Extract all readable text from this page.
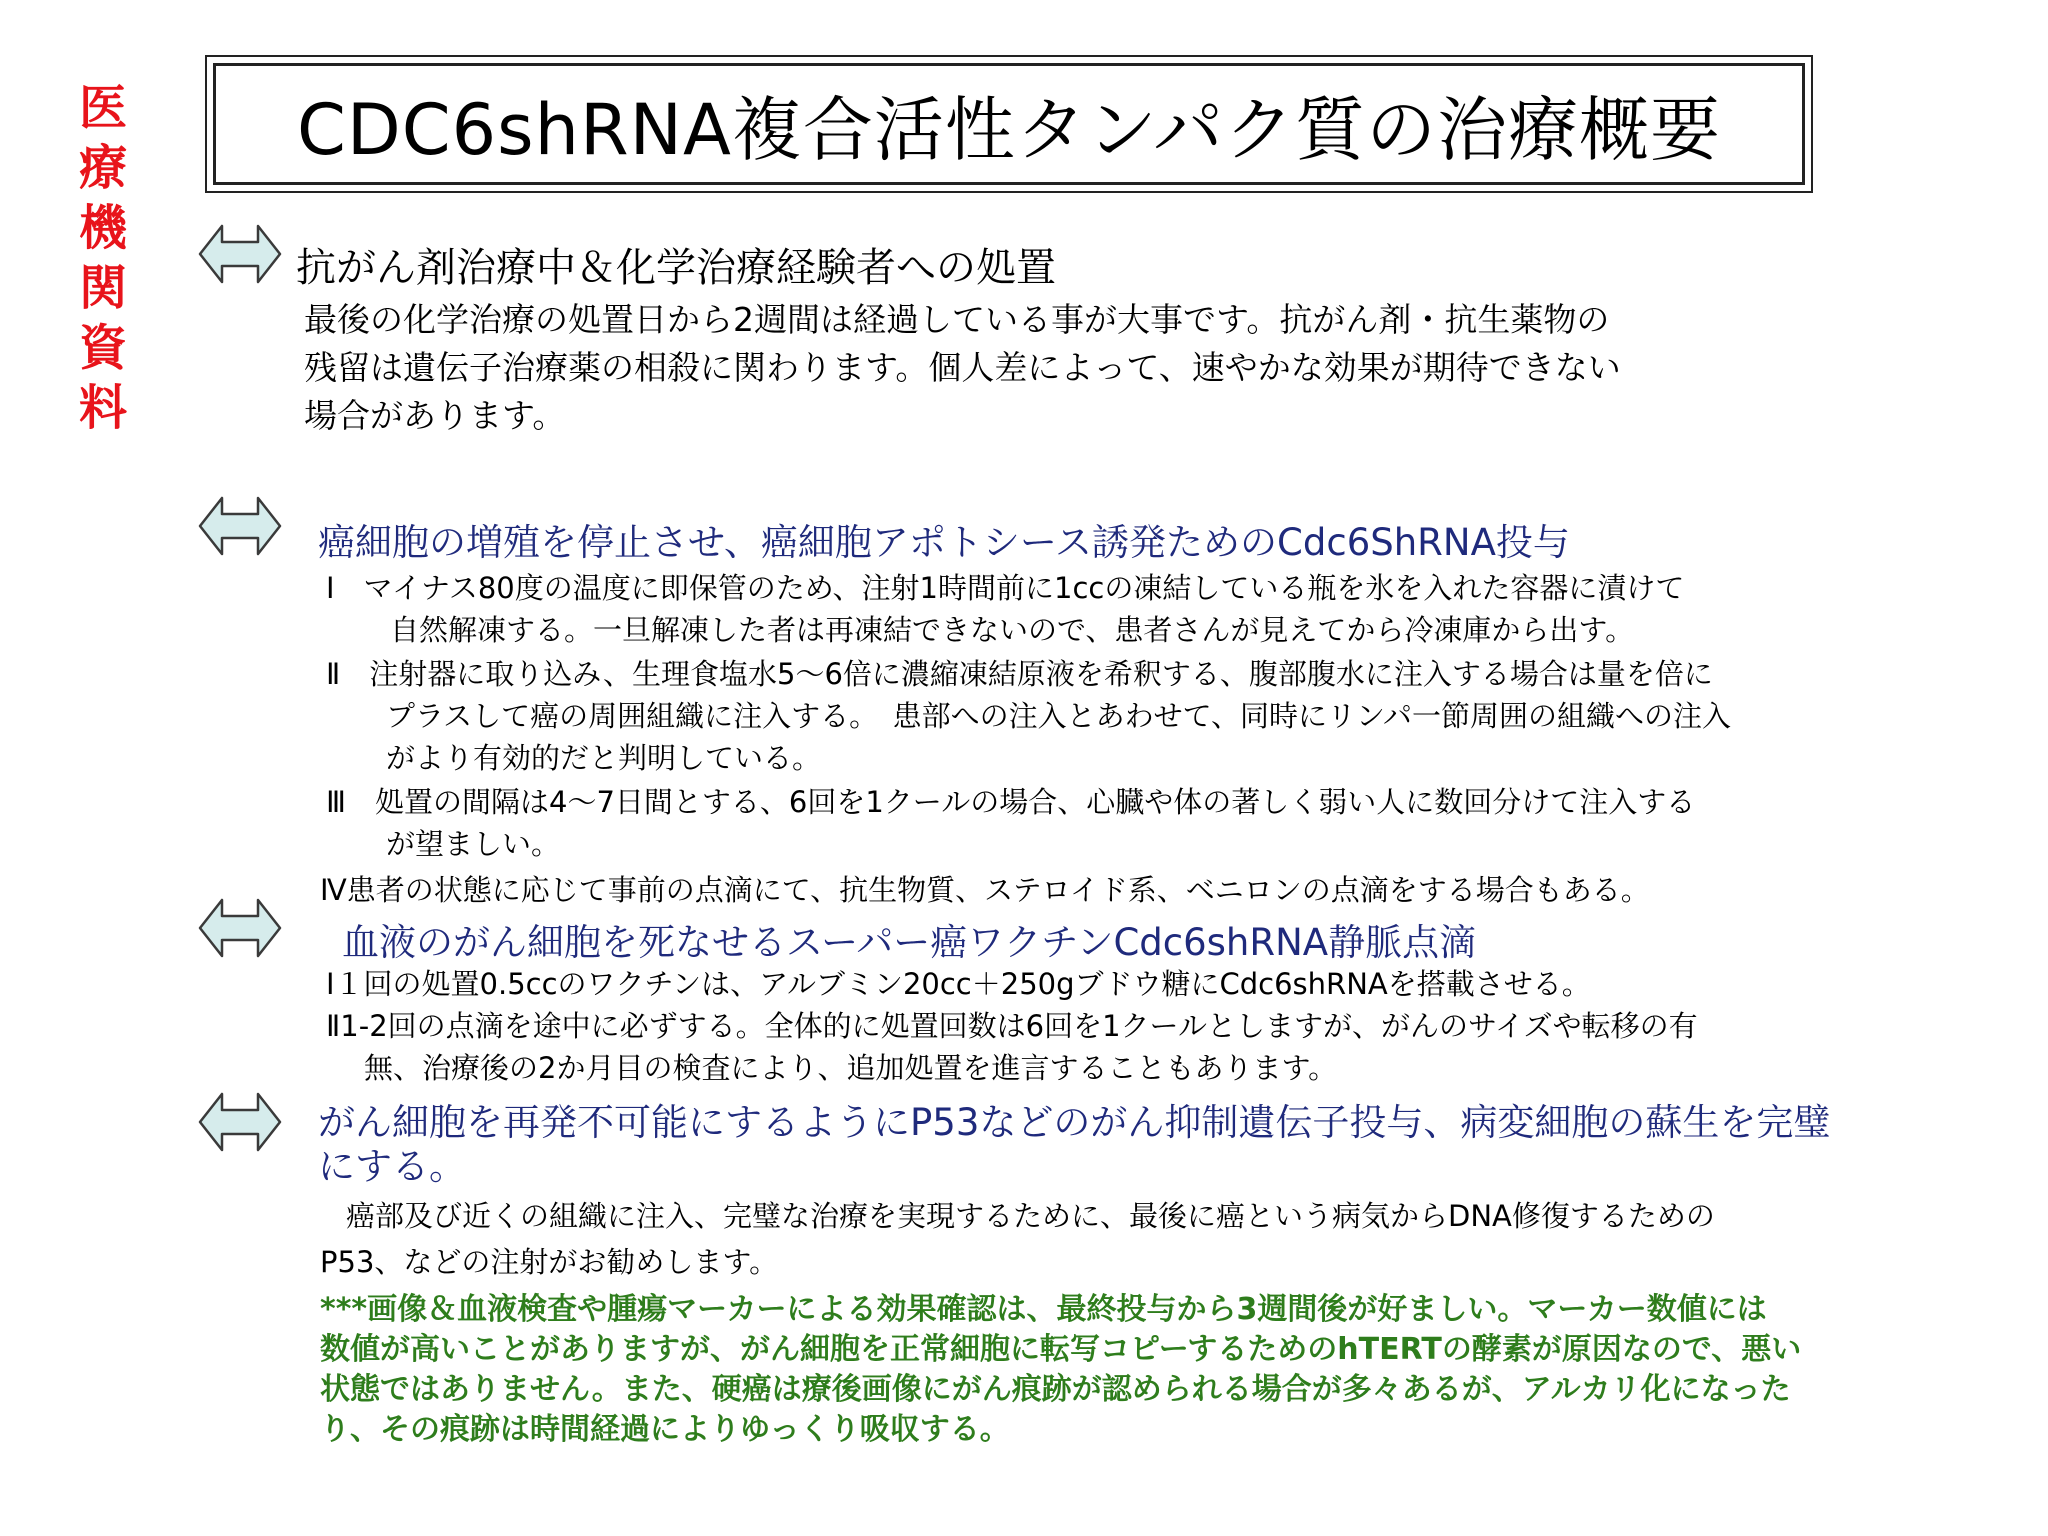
医
療
機
関
資
料
CDC6shRNA複合活性タンパク質の治療概要
抗がん剤治療中＆化学治療経験者への処置
最後の化学治療の処置日から2週間は経過している事が大事です。抗がん剤・抗生薬物の
残留は遺伝子治療薬の相殺に関わります。個人差によって、速やかな効果が期待できない
場合があります。
癌細胞の増殖を停止させ、癌細胞アポトシース誘発ためのCdc6ShRNA投与
Ⅰ　マイナス80度の温度に即保管のため、注射1時間前に1ccの凍結している瓶を氷を入れた容器に漬けて
自然解凍する。一旦解凍した者は再凍結できないので、患者さんが見えてから冷凍庫から出す。
Ⅱ　注射器に取り込み、生理食塩水5～6倍に濃縮凍結原液を希釈する、腹部腹水に注入する場合は量を倍に
プラスして癌の周囲組織に注入する。　患部への注入とあわせて、同時にリンパ一節周囲の組織への注入
がより有効的だと判明している。
Ⅲ　処置の間隔は4～7日間とする、6回を1クールの場合、心臓や体の著しく弱い人に数回分けて注入する
が望ましい。
Ⅳ患者の状態に応じて事前の点滴にて、抗生物質、ステロイド系、ベニロンの点滴をする場合もある。
血液のがん細胞を死なせるスーパー癌ワクチンCdc6shRNA静脈点滴
Ⅰ１回の処置0.5ccのワクチンは、アルブミン20cc＋250gブドウ糖にCdc6shRNAを搭載させる。
Ⅱ1-2回の点滴を途中に必ずする。全体的に処置回数は6回を1クールとしますが、がんのサイズや転移の有
無、治療後の2か月目の検査により、追加処置を進言することもあります。
がん細胞を再発不可能にするようにP53などのがん抑制遺伝子投与、病変細胞の蘇生を完璧
にする。
癌部及び近くの組織に注入、完璧な治療を実現するために、最後に癌という病気からDNA修復するための
P53、などの注射がお勧めします。
***画像＆血液検査や腫瘍マーカーによる効果確認は、最終投与から3週間後が好ましい。マーカー数値には
数値が高いことがありますが、がん細胞を正常細胞に転写コピーするためのhTERTの酵素が原因なので、悪い
状態ではありません。また、硬癌は療後画像にがん痕跡が認められる場合が多々あるが、アルカリ化になった
り、その痕跡は時間経過によりゆっくり吸収する。
